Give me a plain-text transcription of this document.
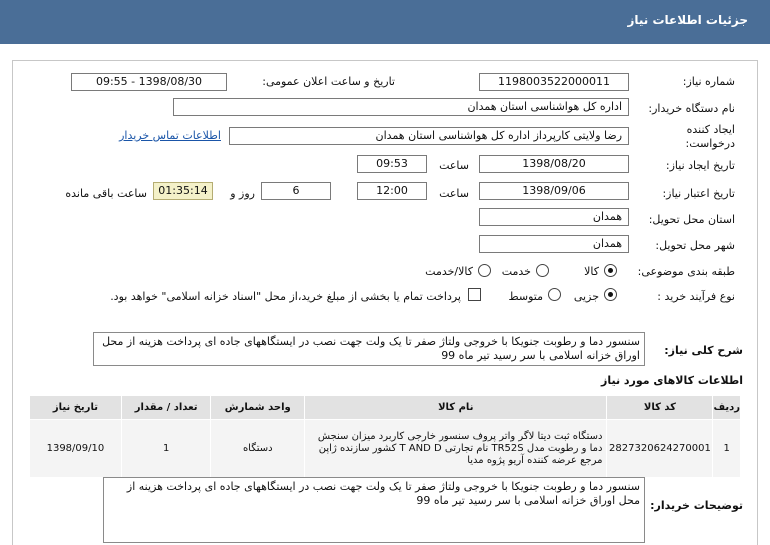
جزئیات اطلاعات نیاز
شماره نیاز:
1198003522000011
تاریخ و ساعت اعلان عمومی:
1398/08/30 - 09:55
نام دستگاه خریدار:
اداره کل هواشناسی استان همدان
ایجاد کننده درخواست:
رضا ولایتی کارپرداز اداره کل هواشناسی استان همدان
اطلاعات تماس خریدار
تاریخ ایجاد نیاز:
1398/08/20
ساعت
09:53
تاریخ اعتبار نیاز:
1398/09/06
ساعت
12:00
6
روز و
01:35:14
ساعت باقی مانده
استان محل تحویل:
همدان
شهر محل تحویل:
همدان
طبقه بندی موضوعی:
کالا
خدمت
کالا/خدمت
نوع فرآیند خرید :
جزیی
متوسط
پرداخت تمام یا بخشی از مبلغ خرید،از محل "اسناد خزانه اسلامی" خواهد بود.
شرح کلی نیاز:
سنسور دما و رطوبت جنویکا با خروجی ولتاژ صفر تا یک ولت جهت نصب در ایستگاههای جاده ای پرداخت هزینه از محل اوراق خزانه اسلامی با سر رسید تیر ماه 99
اطلاعات کالاهای مورد نیاز
ردیف	کد کالا	نام کالا	واحد شمارش	تعداد / مقدار	تاریخ نیاز
1	2827320624270001	دستگاه ثبت دیتا لاگر واتر پروف سنسور خارجی کاربرد میزان سنجش دما و رطوبت مدل TR52S نام تجارتی T AND D کشور سازنده ژاپن مرجع عرضه کننده آریو پژوه مدیا	دستگاه	1	1398/09/10
توضیحات خریدار:
سنسور دما و رطوبت جنویکا با خروجی ولتاژ صفر تا یک ولت جهت نصب در ایستگاههای جاده ای پرداخت هزینه از محل اوراق خزانه اسلامی با سر رسید تیر ماه 99
